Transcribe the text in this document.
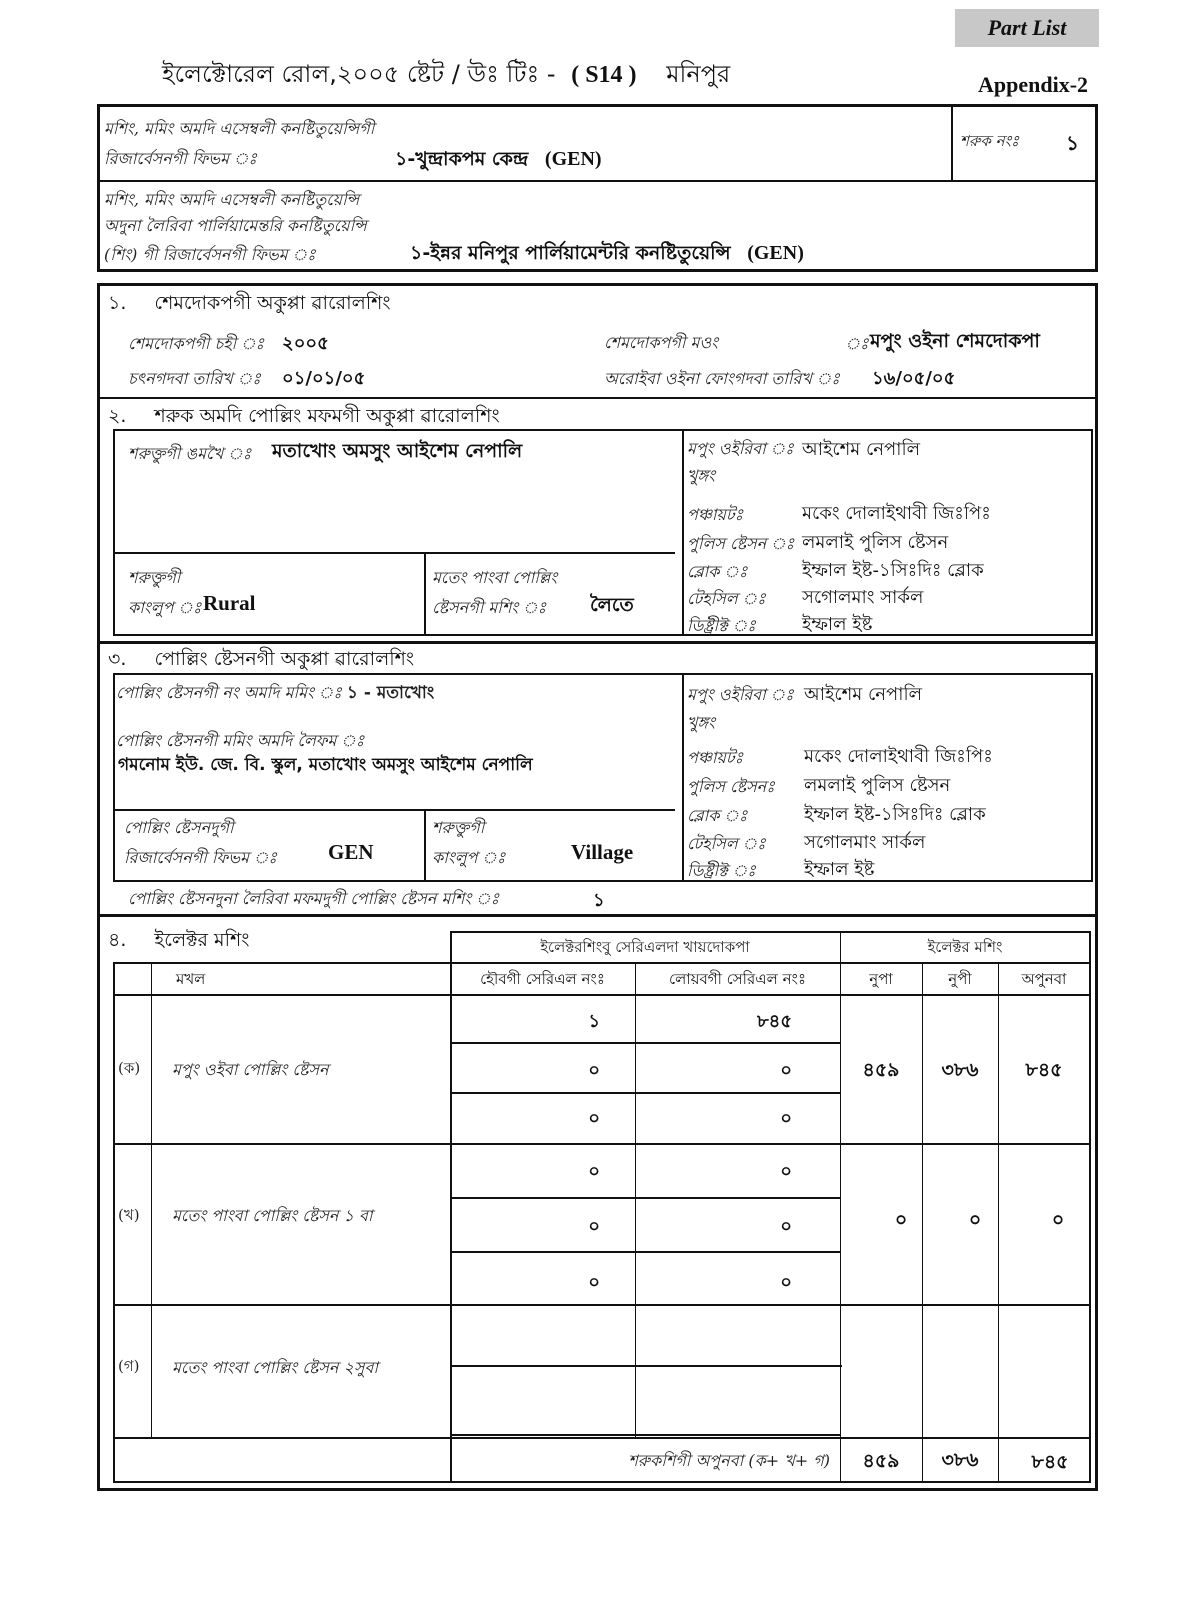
Part List
ইলেক্টোরেল রোল,২০০৫ ষ্টেট / উঃ টিঃ - ( S14 ) মনিপুর	Appendix-2
মশিং, মমিং অমদি এসেম্বলী কনষ্টিতুয়েন্সিগী
রিজার্বেসনগী ফিভম ঃ	১-খুন্দ্রাকপম কেন্দ্র (GEN)
শরুক নংঃ ১
মশিং, মমিং অমদি এসেম্বলী কনষ্টিতুয়েন্সি
অদুনা লৈরিবা পার্লিয়ামেন্তরি কনষ্টিতুয়েন্সি
(শিং) গী রিজার্বেসনগী ফিভম ঃ	১-ইন্নর মনিপুর পার্লিয়ামেন্টরি কনষ্টিতুয়েন্সি (GEN)
১. শেমদোকপগী অকুপ্পা ৱারোলশিং
শেমদোকপগী চহী ঃ ২০০৫	শেমদোকপগী মওং	ঃ মপুং ওইনা শেমদোকপা
চৎনগদবা তারিখ ঃ ০১/০১/০৫	অরোইবা ওইনা ফোংগদবা তারিখ ঃ ১৬/০৫/০৫
২. শরুক অমদি পোল্লিং মফমগী অকুপ্পা ৱারোলশিং
শরুক্তুগী ঙমখৈ ঃ মতাখোং অমসুং আইশেম নেপালি
শরুক্তুগী
কাংলুপ ঃ Rural
মতেং পাংবা পোল্লিং
ষ্টেসনগী মশিং ঃ লৈতে
মপুং ওইরিবা ঃ আইশেম নেপালি
খুঙ্গং
পঞ্চায়টঃ	মকেং দোলাইথাবী জিঃপিঃ
পুলিস ষ্টেসন ঃ লমলাই পুলিস ষ্টেসন
ব্লোক ঃ	ইম্ফাল ইষ্ট-১সিঃদিঃ ব্লোক
টেহসিল ঃ সগোলমাং সার্কল
ডিষ্ট্রীক্ট ঃ	ইম্ফাল ইষ্ট
৩. পোল্লিং ষ্টেসনগী অকুপ্পা ৱারোলশিং
পোল্লিং ষ্টেসনগী নং অমদি মমিং ঃ ১ - মতাখোং
পোল্লিং ষ্টেসনগী মমিং অমদি লৈফম ঃ
গমনোম ইউ. জে. বি. স্কুল, মতাখোং অমসুং আইশেম নেপালি
পোল্লিং ষ্টেসনদুগী
রিজার্বেসনগী ফিভম ঃ GEN
শরুক্তুগী
কাংলুপ ঃ	Village
মপুং ওইরিবা ঃ আইশেম নেপালি
খুঙ্গং
পঞ্চায়টঃ	মকেং দোলাইথাবী জিঃপিঃ
পুলিস ষ্টেসনঃ লমলাই পুলিস ষ্টেসন
ব্লোক ঃ	ইম্ফাল ইষ্ট-১সিঃদিঃ ব্লোক
টেহসিল ঃ সগোলমাং সার্কল
ডিষ্ট্রীক্ট ঃ	ইম্ফাল ইষ্ট
পোল্লিং ষ্টেসনদুনা লৈরিবা মফমদুগী পোল্লিং ষ্টেসন মশিং ঃ	১
৪. ইলেক্টর মশিং	ইলেক্টরশিংবু সেরিএলদা খায়দোকপা	ইলেক্টর মশিং
মখল	হৌবগী সেরিএল নংঃ	লোয়বগী সেরিএল নংঃ	নুপা	নুপী	অপুনবা
(ক) মপুং ওইবা পোল্লিং ষ্টেসন
১	৮৪৫
০	০
০	০
৪৫৯	৩৮৬	৮৪৫
(খ) মতেং পাংবা পোল্লিং ষ্টেসন ১ বা
০	০
০	০
০	০
০	০	০
(গ) মতেং পাংবা পোল্লিং ষ্টেসন ২সুবা
শরুকশিগী অপুনবা (ক+ খ+ গ)	৪৫৯	৩৮৬	৮৪৫
